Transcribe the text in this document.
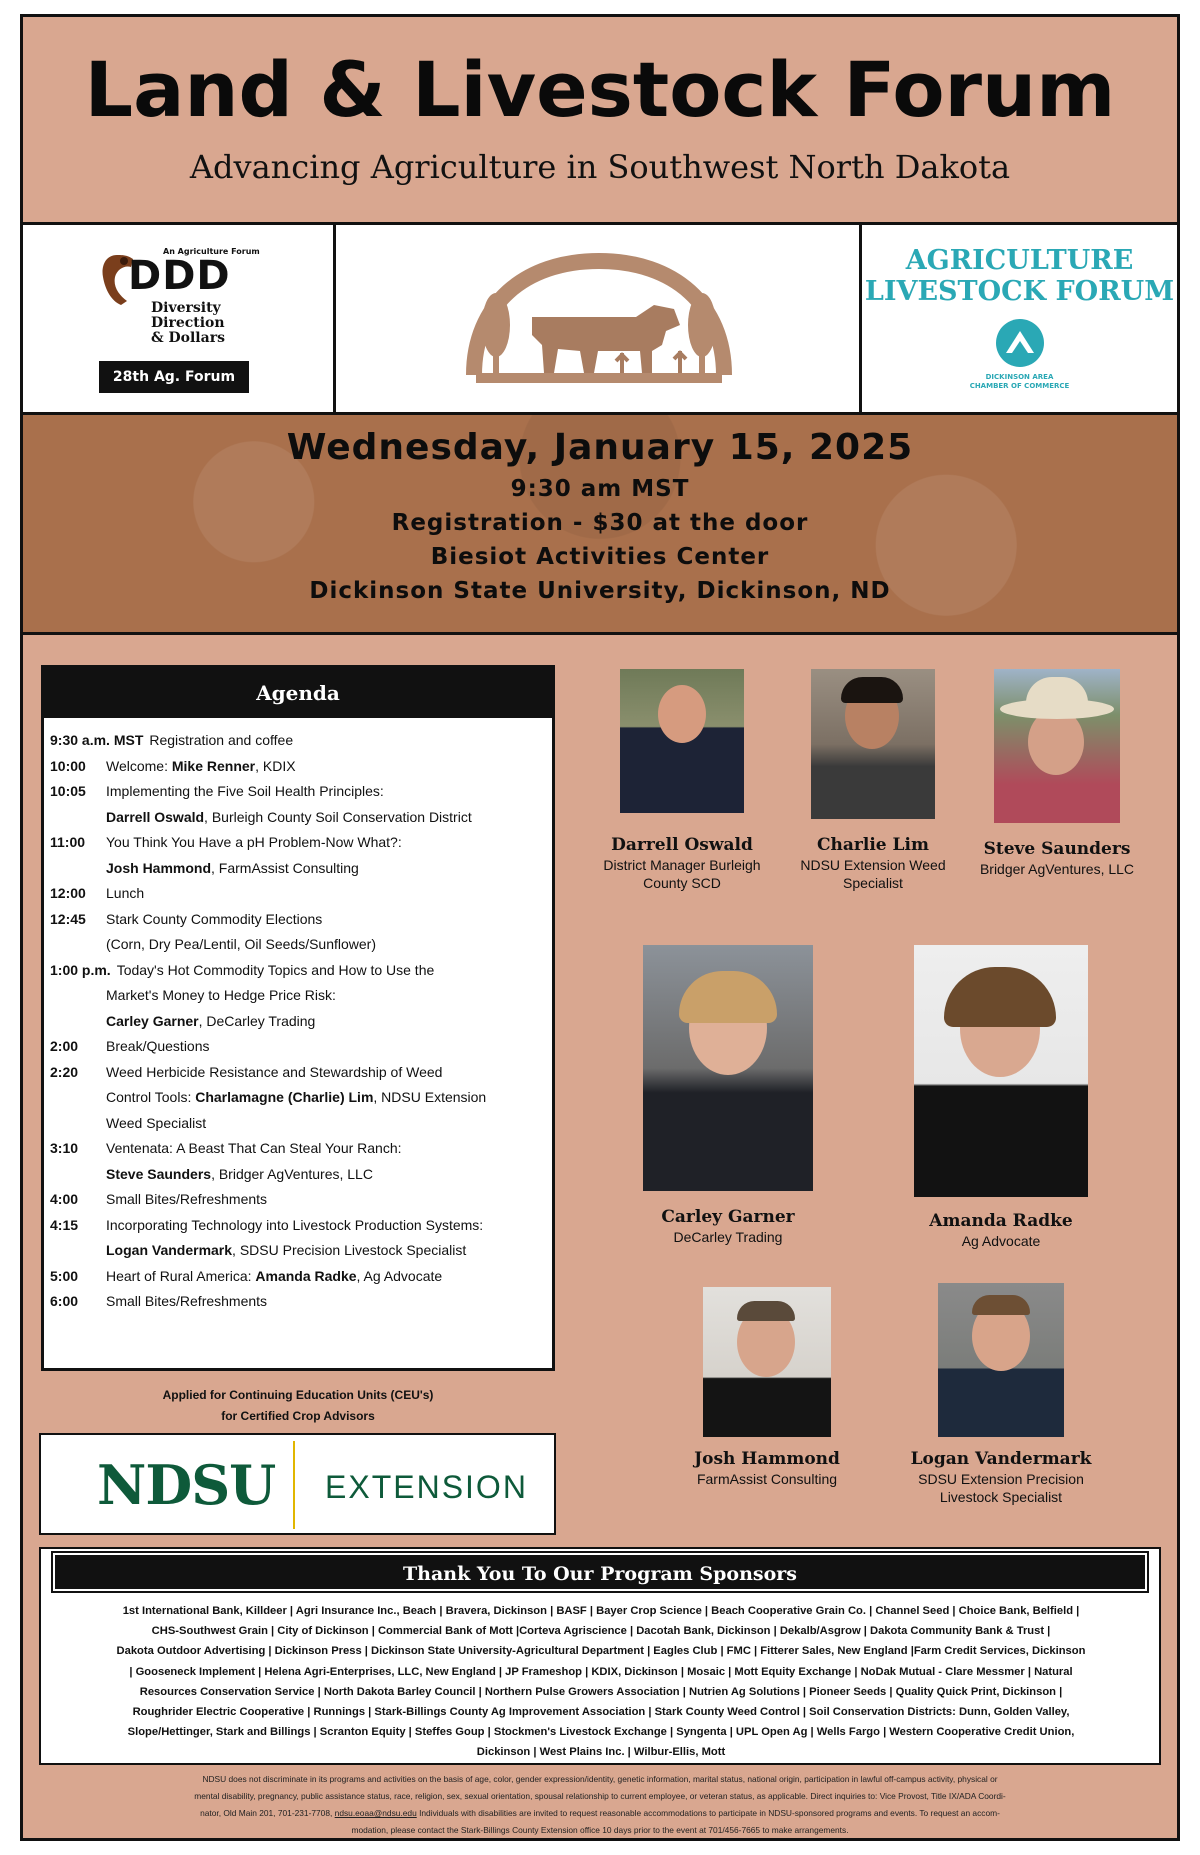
Land & Livestock Forum
Advancing Agriculture in Southwest North Dakota
An Agriculture Forum
DDD
Diversity
Direction
& Dollars
28th Ag. Forum
AGRICULTURE
LIVESTOCK FORUM
DICKINSON AREA
CHAMBER OF COMMERCE
Wednesday, January 15, 2025
9:30 am MST
Registration - $30 at the door
Biesiot Activities Center
Dickinson State University, Dickinson, ND
Agenda
9:30 a.m. MST Registration and coffee
10:00	Welcome: Mike Renner, KDIX
10:05	Implementing the Five Soil Health Principles:
Darrell Oswald, Burleigh County Soil Conservation District
11:00	You Think You Have a pH Problem-Now What?:
Josh Hammond, FarmAssist Consulting
12:00	Lunch
12:45	Stark County Commodity Elections
(Corn, Dry Pea/Lentil, Oil Seeds/Sunflower)
1:00 p.m. Today's Hot Commodity Topics and How to Use the
Market's Money to Hedge Price Risk:
Carley Garner, DeCarley Trading
2:00	Break/Questions
2:20	Weed Herbicide Resistance and Stewardship of Weed
Control Tools: Charlamagne (Charlie) Lim, NDSU Extension
Weed Specialist
3:10	Ventenata: A Beast That Can Steal Your Ranch:
Steve Saunders, Bridger AgVentures, LLC
4:00	Small Bites/Refreshments
4:15	Incorporating Technology into Livestock Production Systems:
Logan Vandermark, SDSU Precision Livestock Specialist
5:00	Heart of Rural America: Amanda Radke, Ag Advocate
6:00	Small Bites/Refreshments
Applied for Continuing Education Units (CEU's)
for Certified Crop Advisors
NDSU EXTENSION
Darrell Oswald
District Manager Burleigh
County SCD
Charlie Lim
NDSU Extension Weed
Specialist
Steve Saunders
Bridger AgVentures, LLC
Carley Garner
DeCarley Trading
Amanda Radke
Ag Advocate
Josh Hammond
FarmAssist Consulting
Logan Vandermark
SDSU Extension Precision
Livestock Specialist
Thank You To Our Program Sponsors
1st International Bank, Killdeer | Agri Insurance Inc., Beach | Bravera, Dickinson | BASF | Bayer Crop Science | Beach Cooperative Grain Co. | Channel Seed | Choice Bank, Belfield |
CHS-Southwest Grain | City of Dickinson | Commercial Bank of Mott |Corteva Agriscience | Dacotah Bank, Dickinson | Dekalb/Asgrow | Dakota Community Bank & Trust |
Dakota Outdoor Advertising | Dickinson Press | Dickinson State University-Agricultural Department | Eagles Club | FMC | Fitterer Sales, New England |Farm Credit Services, Dickinson
| Gooseneck Implement | Helena Agri-Enterprises, LLC, New England | JP Frameshop | KDIX, Dickinson | Mosaic | Mott Equity Exchange | NoDak Mutual - Clare Messmer | Natural
Resources Conservation Service | North Dakota Barley Council | Northern Pulse Growers Association | Nutrien Ag Solutions | Pioneer Seeds | Quality Quick Print, Dickinson |
Roughrider Electric Cooperative | Runnings | Stark-Billings County Ag Improvement Association | Stark County Weed Control | Soil Conservation Districts: Dunn, Golden Valley,
Slope/Hettinger, Stark and Billings | Scranton Equity | Steffes Goup | Stockmen's Livestock Exchange | Syngenta | UPL Open Ag | Wells Fargo | Western Cooperative Credit Union,
Dickinson | West Plains Inc. | Wilbur-Ellis, Mott
NDSU does not discriminate in its programs and activities on the basis of age, color, gender expression/identity, genetic information, marital status, national origin, participation in lawful off-campus activity, physical or
mental disability, pregnancy, public assistance status, race, religion, sex, sexual orientation, spousal relationship to current employee, or veteran status, as applicable. Direct inquiries to: Vice Provost, Title IX/ADA Coordi-
nator, Old Main 201, 701-231-7708, ndsu.eoaa@ndsu.edu Individuals with disabilities are invited to request reasonable accommodations to participate in NDSU-sponsored programs and events. To request an accom-
modation, please contact the Stark-Billings County Extension office 10 days prior to the event at 701/456-7665 to make arrangements.
